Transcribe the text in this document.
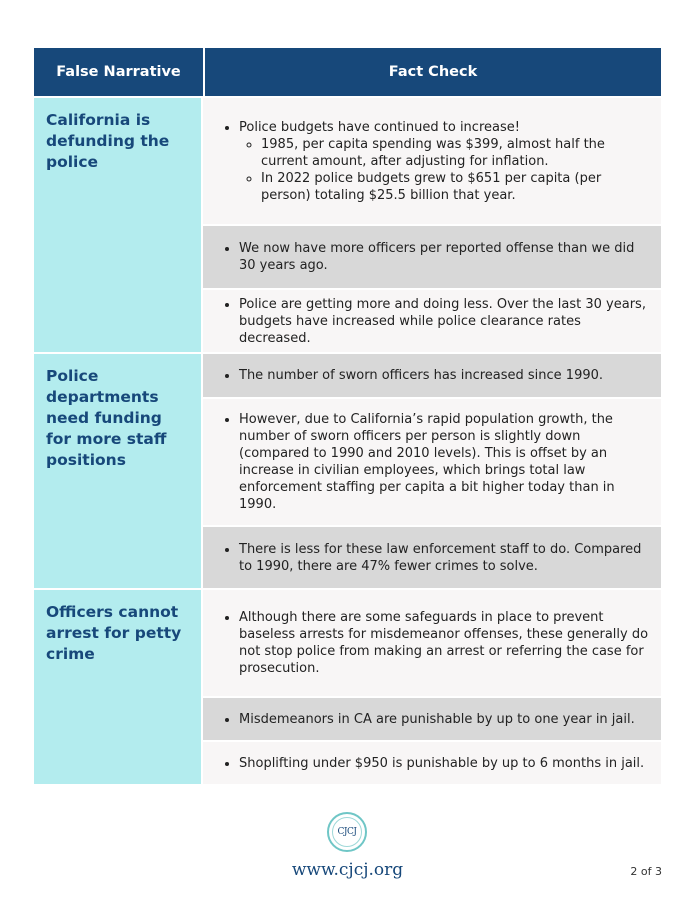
False Narrative	Fact Check
California is defunding the police
• Police budgets have continued to increase!
◦ 1985, per capita spending was $399, almost half the current amount, after adjusting for inflation.
◦ In 2022 police budgets grew to $651 per capita (per person) totaling $25.5 billion that year.
• We now have more officers per reported offense than we did 30 years ago.
• Police are getting more and doing less. Over the last 30 years, budgets have increased while police clearance rates decreased.
Police departments need funding for more staff positions
• The number of sworn officers has increased since 1990.
• However, due to California’s rapid population growth, the number of sworn officers per person is slightly down (compared to 1990 and 2010 levels). This is offset by an increase in civilian employees, which brings total law enforcement staffing per capita a bit higher today than in 1990.
• There is less for these law enforcement staff to do. Compared to 1990, there are 47% fewer crimes to solve.
Officers cannot arrest for petty crime
• Although there are some safeguards in place to prevent baseless arrests for misdemeanor offenses, these generally do not stop police from making an arrest or referring the case for prosecution.
• Misdemeanors in CA are punishable by up to one year in jail.
• Shoplifting under $950 is punishable by up to 6 months in jail.
CJCJ
www.cjcj.org	2 of 3
